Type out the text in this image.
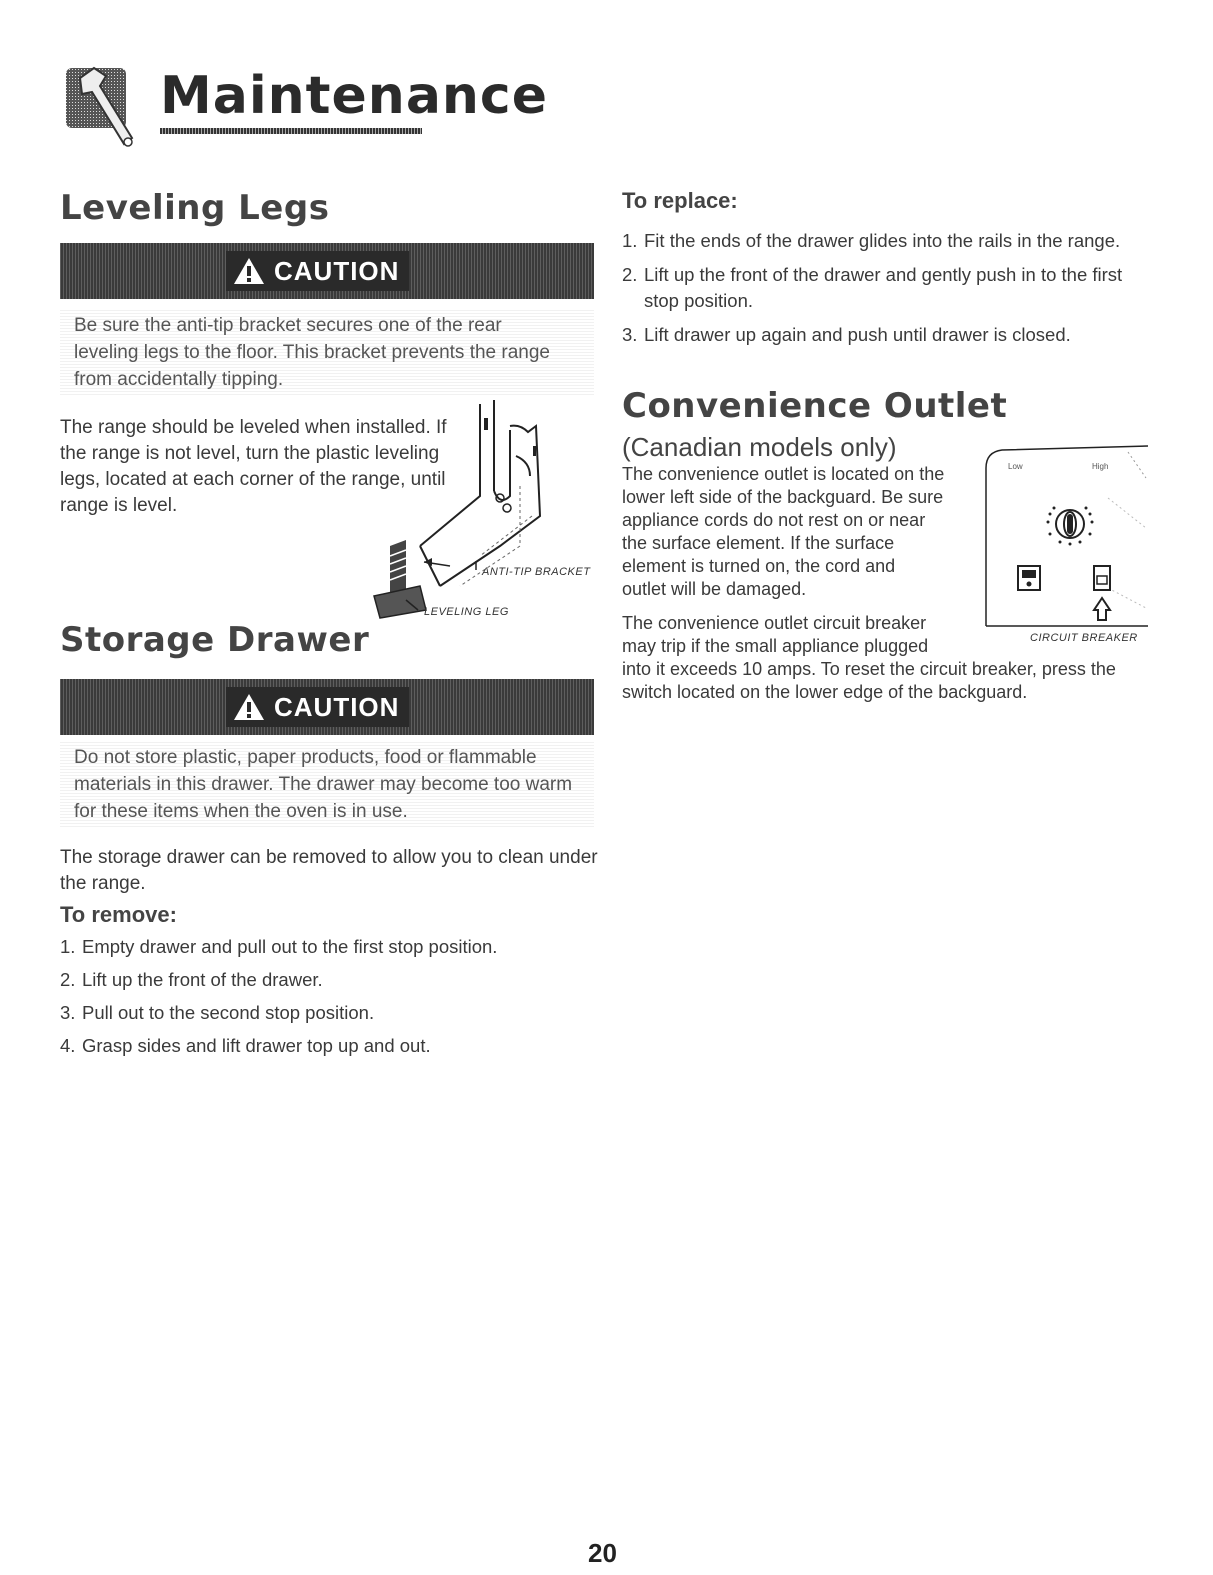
Maintenance
Leveling Legs
CAUTION
Be sure the anti-tip bracket secures one of the rear
leveling legs to the floor. This bracket prevents the range
from accidentally tipping.
The range should be leveled when installed. If
the range is not level, turn the plastic leveling
legs, located at each corner of the range, until
range is level.
ANTI-TIP BRACKET
LEVELING LEG
Storage Drawer
CAUTION
Do not store plastic, paper products, food or flammable
materials in this drawer. The drawer may become too warm
for these items when the oven is in use.
The storage drawer can be removed to allow you to clean under
the range.
To remove:
1. Empty drawer and pull out to the first stop position.
2. Lift up the front of the drawer.
3. Pull out to the second stop position.
4. Grasp sides and lift drawer top up and out.
To replace:
1. Fit the ends of the drawer glides into the rails in the range.
2. Lift up the front of the drawer and gently push in to the first
stop position.
3. Lift drawer up again and push until drawer is closed.
Convenience Outlet
(Canadian models only)
The convenience outlet is located on the
lower left side of the backguard. Be sure
appliance cords do not rest on or near
the surface element. If the surface
element is turned on, the cord and
outlet will be damaged.
The convenience outlet circuit breaker
may trip if the small appliance plugged
into it exceeds 10 amps. To reset the circuit breaker, press the
switch located on the lower edge of the backguard.
Low	High
CIRCUIT BREAKER
20
